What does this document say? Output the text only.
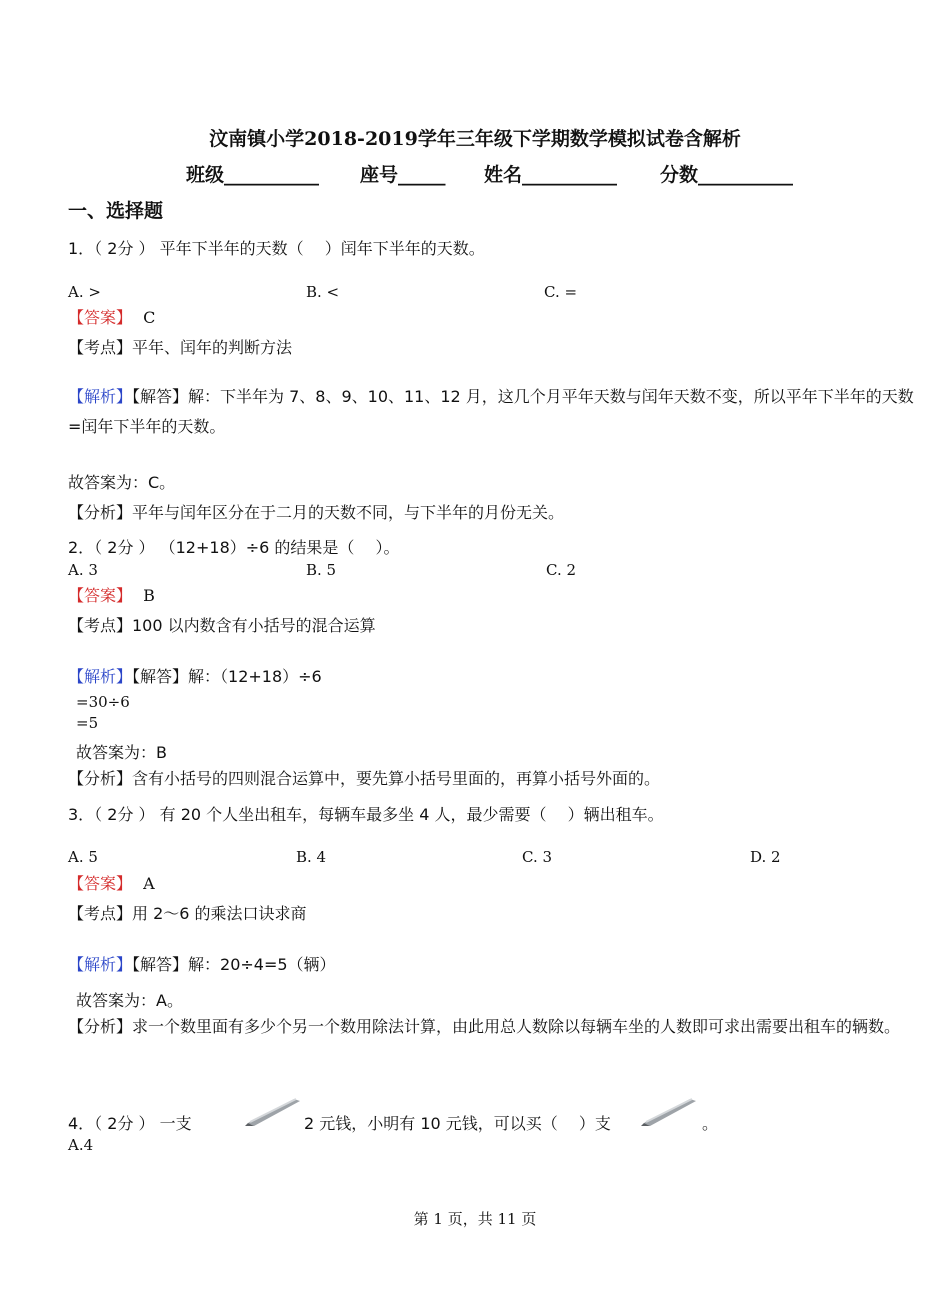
汶南镇小学2018-2019学年三年级下学期数学模拟试卷含解析
班级__________ 座号_____ 姓名__________ 分数__________
一、选择题
1．（ 2分 ） 平年下半年的天数（　 ）闰年下半年的天数。
A. >	B. <	C. =
【答案】 C
【考点】平年、闰年的判断方法
【解析】【解答】解：下半年为 7、8、9、10、11、12 月，这几个月平年天数与闰年天数不变，所以平年下半年的天数=闰年下半年的天数。
故答案为：C。
【分析】平年与闰年区分在于二月的天数不同，与下半年的月份无关。
2．（ 2分 ） （12+18）÷6 的结果是（　 ）。
A. 3	B. 5	C. 2
【答案】 B
【考点】100 以内数含有小括号的混合运算
【解析】【解答】解：（12+18）÷6
=30÷6
=5
故答案为：B
【分析】含有小括号的四则混合运算中，要先算小括号里面的，再算小括号外面的。
3．（ 2分 ） 有 20 个人坐出租车，每辆车最多坐 4 人，最少需要（　 ）辆出租车。
A. 5	B. 4	C. 3	D. 2
【答案】 A
【考点】用 2～6 的乘法口诀求商
【解析】【解答】解：20÷4=5（辆）
故答案为：A。
【分析】求一个数里面有多少个另一个数用除法计算，由此用总人数除以每辆车坐的人数即可求出需要出租车的辆数。
4．（ 2分 ） 一支	2 元钱，小明有 10 元钱，可以买（　 ）支	。
A.4
第 1 页，共 11 页
